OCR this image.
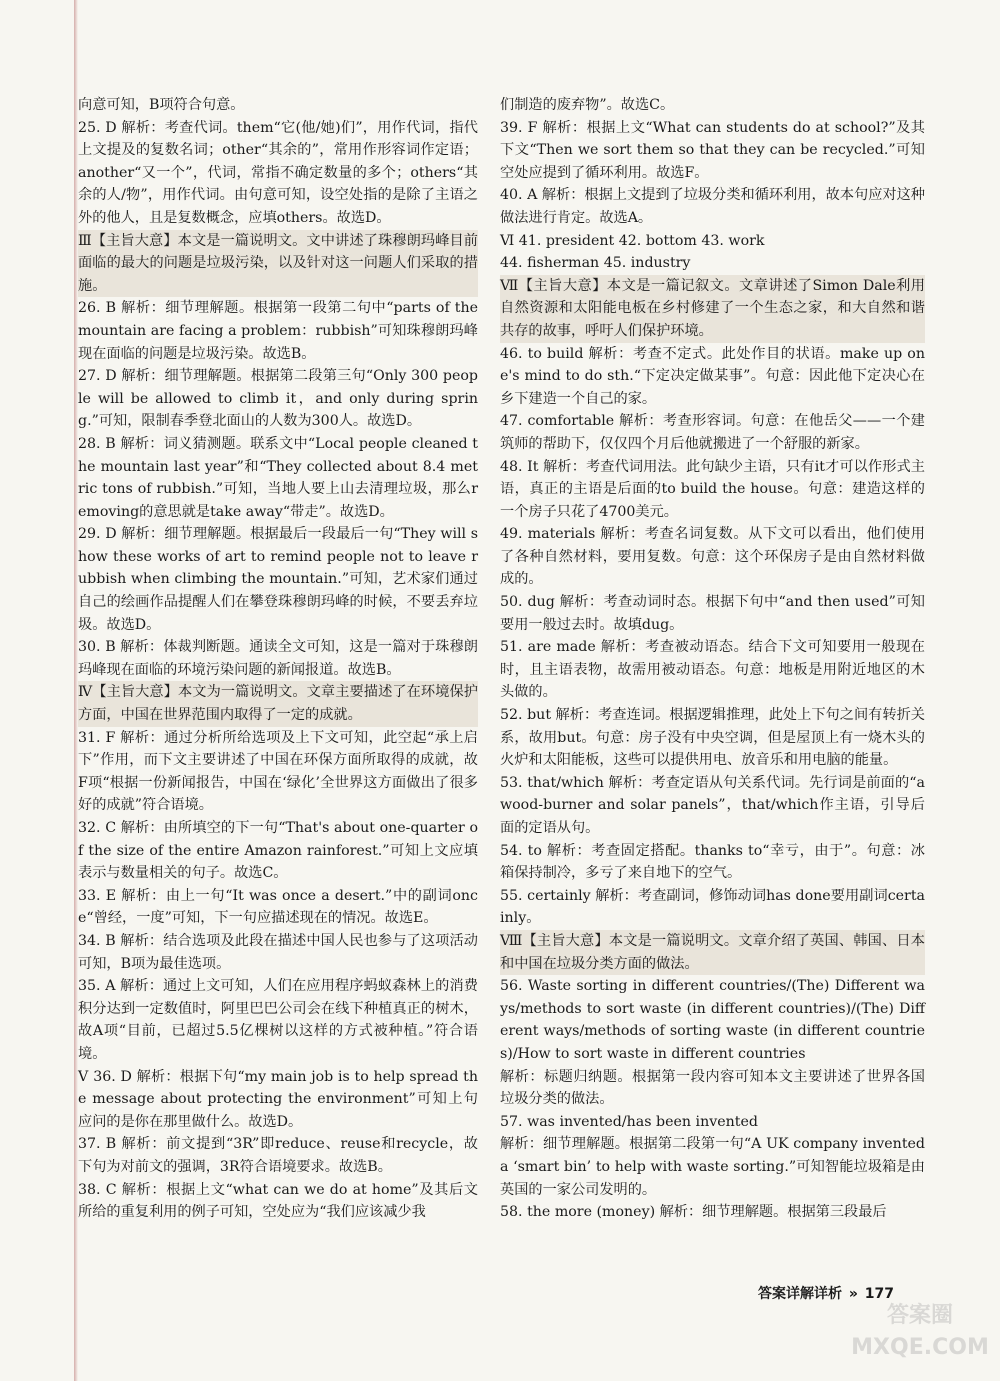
向意可知，B项符合句意。

25. D 解析：考查代词。them“它(他/她)们”，用作代词，指代上文提及的复数名词；other“其余的”，常用作形容词作定语；another“又一个”，代词，常指不确定数量的多个；others“其余的人/物”，用作代词。由句意可知，设空处指的是除了主语之外的他人，且是复数概念，应填others。故选D。

Ⅲ【主旨大意】本文是一篇说明文。文中讲述了珠穆朗玛峰目前面临的最大的问题是垃圾污染，以及针对这一问题人们采取的措施。

26. B 解析：细节理解题。根据第一段第二句中“parts of the mountain are facing a problem：rubbish”可知珠穆朗玛峰现在面临的问题是垃圾污染。故选B。

27. D 解析：细节理解题。根据第二段第三句“Only 300 people will be allowed to climb it，and only during spring.”可知，限制春季登北面山的人数为300人。故选D。

28. B 解析：词义猜测题。联系文中“Local people cleaned the mountain last year”和“They collected about 8.4 metric tons of rubbish.”可知，当地人要上山去清理垃圾，那么removing的意思就是take away“带走”。故选D。

29. D 解析：细节理解题。根据最后一段最后一句“They will show these works of art to remind people not to leave rubbish when climbing the mountain.”可知，艺术家们通过自己的绘画作品提醒人们在攀登珠穆朗玛峰的时候，不要丢弃垃圾。故选D。

30. B 解析：体裁判断题。通读全文可知，这是一篇对于珠穆朗玛峰现在面临的环境污染问题的新闻报道。故选B。

Ⅳ【主旨大意】本文为一篇说明文。文章主要描述了在环境保护方面，中国在世界范围内取得了一定的成就。

31. F 解析：通过分析所给选项及上下文可知，此空起“承上启下”作用，而下文主要讲述了中国在环保方面所取得的成就，故F项“根据一份新闻报告，中国在‘绿化’全世界这方面做出了很多好的成就”符合语境。

32. C 解析：由所填空的下一句“That's about one-quarter of the size of the entire Amazon rainforest.”可知上文应填表示与数量相关的句子。故选C。

33. E 解析：由上一句“It was once a desert.”中的副词once“曾经，一度”可知，下一句应描述现在的情况。故选E。

34. B 解析：结合选项及此段在描述中国人民也参与了这项活动可知，B项为最佳选项。

35. A 解析：通过上文可知，人们在应用程序蚂蚁森林上的消费积分达到一定数值时，阿里巴巴公司会在线下种植真正的树木，故A项“目前，已超过5.5亿棵树以这样的方式被种植。”符合语境。

Ⅴ 36. D 解析：根据下句“my main job is to help spread the message about protecting the environment”可知上句应问的是你在那里做什么。故选D。

37. B 解析：前文提到“3R”即reduce、reuse和recycle，故下句为对前文的强调，3R符合语境要求。故选B。

38. C 解析：根据上文“what can we do at home”及其后文所给的重复利用的例子可知，空处应为“我们应该减少我

们制造的废弃物”。故选C。

39. F 解析：根据上文“What can students do at school?”及其下文“Then we sort them so that they can be recycled.”可知空处应提到了循环利用。故选F。

40. A 解析：根据上文提到了垃圾分类和循环利用，故本句应对这种做法进行肯定。故选A。

Ⅵ 41. president 42. bottom 43. work

44. fisherman 45. industry

Ⅶ【主旨大意】本文是一篇记叙文。文章讲述了Simon Dale利用自然资源和太阳能电板在乡村修建了一个生态之家，和大自然和谐共存的故事，呼吁人们保护环境。

46. to build 解析：考查不定式。此处作目的状语。make up one's mind to do sth.“下定决定做某事”。句意：因此他下定决心在乡下建造一个自己的家。

47. comfortable 解析：考查形容词。句意：在他岳父——一个建筑师的帮助下，仅仅四个月后他就搬进了一个舒服的新家。

48. It 解析：考查代词用法。此句缺少主语，只有it才可以作形式主语，真正的主语是后面的to build the house。句意：建造这样的一个房子只花了4700美元。

49. materials 解析：考查名词复数。从下文可以看出，他们使用了各种自然材料，要用复数。句意：这个环保房子是由自然材料做成的。

50. dug 解析：考查动词时态。根据下句中“and then used”可知要用一般过去时。故填dug。

51. are made 解析：考查被动语态。结合下文可知要用一般现在时，且主语表物，故需用被动语态。句意：地板是用附近地区的木头做的。

52. but 解析：考查连词。根据逻辑推理，此处上下句之间有转折关系，故用but。句意：房子没有中央空调，但是屋顶上有一烧木头的火炉和太阳能板，这些可以提供用电、放音乐和用电脑的能量。

53. that/which 解析：考查定语从句关系代词。先行词是前面的“a wood-burner and solar panels”，that/which作主语，引导后面的定语从句。

54. to 解析：考查固定搭配。thanks to“幸亏，由于”。句意：冰箱保持制冷，多亏了来自地下的空气。

55. certainly 解析：考查副词，修饰动词has done要用副词certainly。

Ⅷ【主旨大意】本文是一篇说明文。文章介绍了英国、韩国、日本和中国在垃圾分类方面的做法。

56. Waste sorting in different countries/(The) Different ways/methods to sort waste (in different countries)/(The) Different ways/methods of sorting waste (in different countries)/How to sort waste in different countries

解析：标题归纳题。根据第一段内容可知本文主要讲述了世界各国垃圾分类的做法。

57. was invented/has been invented

解析：细节理解题。根据第二段第一句“A UK company invented a ‘smart bin’ to help with waste sorting.”可知智能垃圾箱是由英国的一家公司发明的。

58. the more (money) 解析：细节理解题。根据第三段最后

答案详解详析 » 177
答案圈 MXQE.COM
